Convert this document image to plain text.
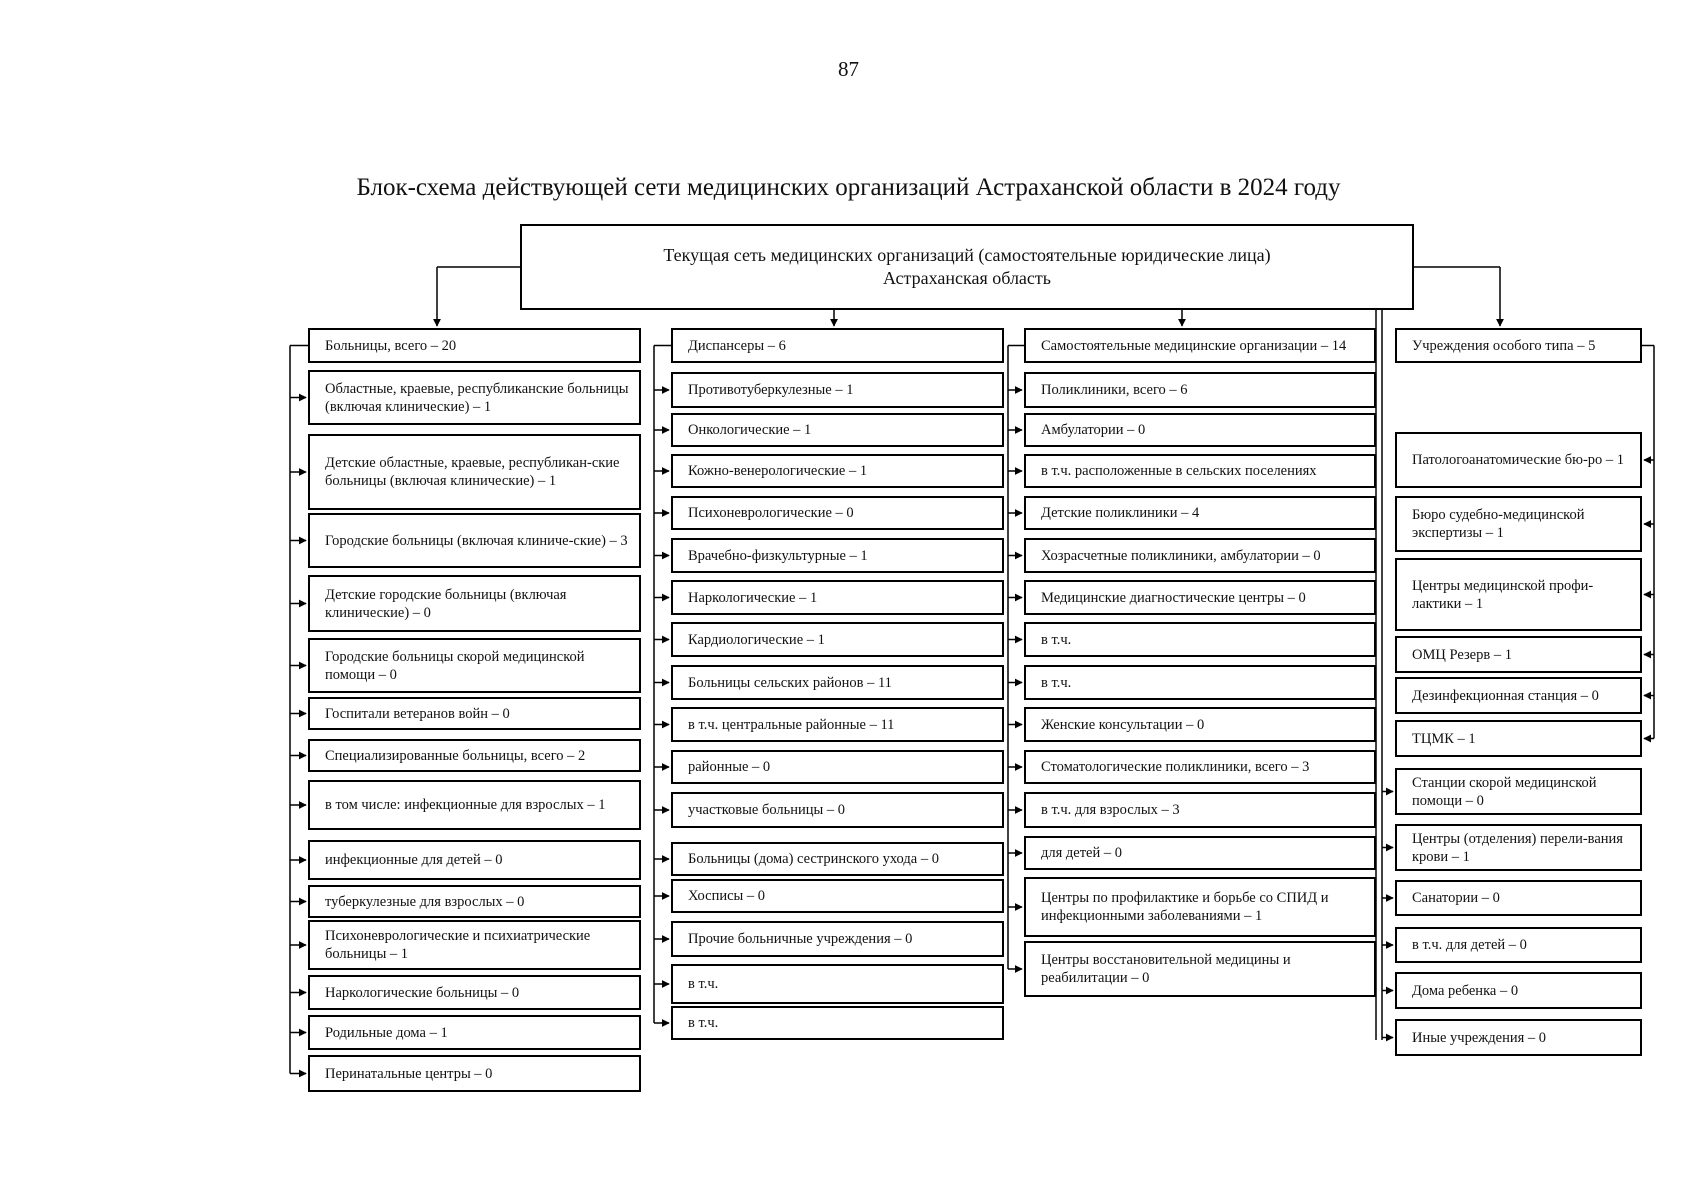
87
Блок-схема действующей сети медицинских организаций Астраханской области в 2024 году
Текущая сеть медицинских организаций (самостоятельные юридические лица)
Астраханская область
Больницы, всего – 20
Областные, краевые, республиканские больницы (включая клинические) – 1
Детские областные, краевые, республикан-ские больницы (включая клинические) – 1
Городские больницы (включая клиниче-ские) – 3
Детские городские больницы (включая клинические) – 0
Городские больницы скорой медицинской помощи – 0
Госпитали ветеранов войн – 0
Специализированные больницы, всего – 2
в том числе: инфекционные для взрослых – 1
инфекционные для детей – 0
туберкулезные для взрослых – 0
Психоневрологические и психиатрические больницы – 1
Наркологические больницы – 0
Родильные дома – 1
Перинатальные центры – 0
Диспансеры – 6
Противотуберкулезные – 1
Онкологические – 1
Кожно-венерологические – 1
Психоневрологические – 0
Врачебно-физкультурные – 1
Наркологические – 1
Кардиологические – 1
Больницы сельских районов – 11
в т.ч. центральные районные – 11
районные – 0
участковые больницы – 0
Больницы (дома) сестринского ухода – 0
Хосписы – 0
Прочие больничные учреждения – 0
в т.ч.
в т.ч.
Самостоятельные медицинские организации – 14
Поликлиники, всего – 6
Амбулатории – 0
в т.ч. расположенные в сельских поселениях
Детские поликлиники – 4
Хозрасчетные поликлиники, амбулатории – 0
Медицинские диагностические центры – 0
в т.ч.
в т.ч.
Женские консультации – 0
Стоматологические поликлиники, всего – 3
в т.ч. для взрослых – 3
для детей – 0
Центры по профилактике и борьбе со СПИД и инфекционными заболеваниями – 1
Центры восстановительной медицины и реабилитации – 0
Учреждения особого типа – 5
Патологоанатомические бю-ро – 1
Бюро судебно-медицинской экспертизы – 1
Центры медицинской профи-лактики – 1
ОМЦ Резерв – 1
Дезинфекционная станция – 0
ТЦМК – 1
Станции скорой медицинской помощи – 0
Центры (отделения) перели-вания крови – 1
Санатории – 0
в т.ч. для детей – 0
Дома ребенка – 0
Иные учреждения – 0
